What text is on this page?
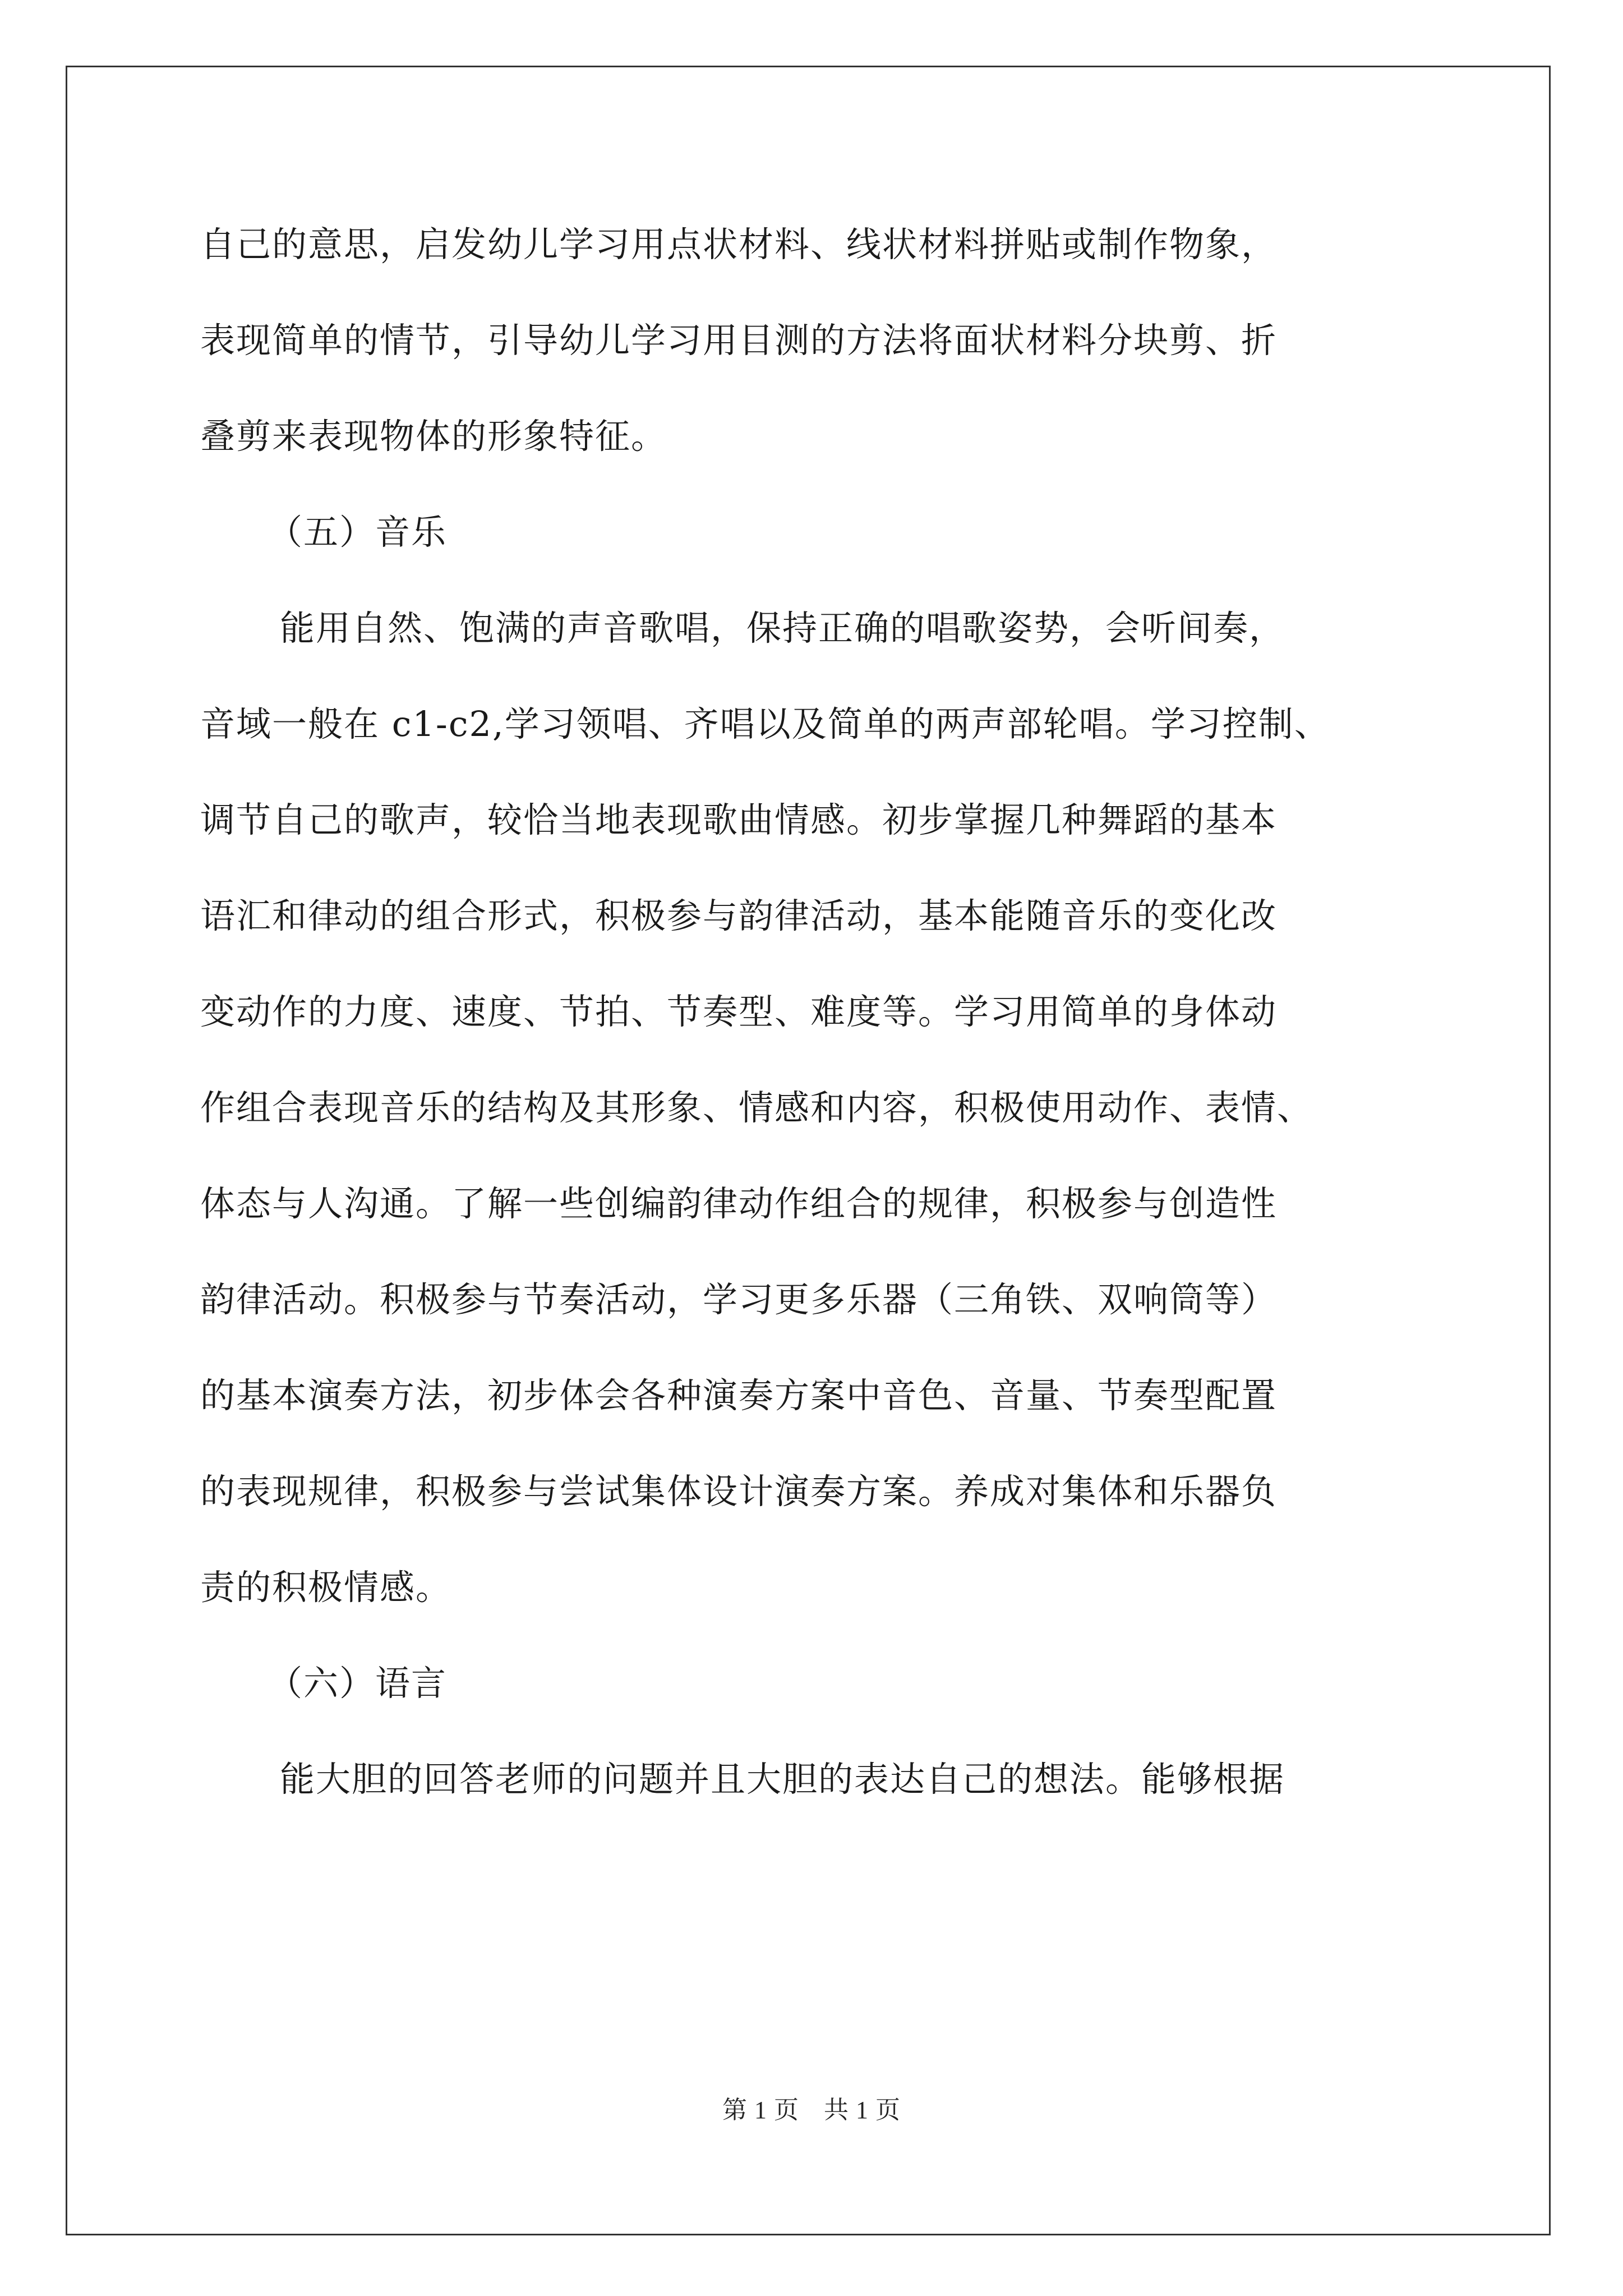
自己的意思，启发幼儿学习用点状材料、线状材料拼贴或制作物象，
表现简单的情节，引导幼儿学习用目测的方法将面状材料分块剪、折
叠剪来表现物体的形象特征。
（五）音乐
能用自然、饱满的声音歌唱，保持正确的唱歌姿势，会听间奏，
音域一般在 c1-c2,学习领唱、齐唱以及简单的两声部轮唱。学习控制、
调节自己的歌声，较恰当地表现歌曲情感。初步掌握几种舞蹈的基本
语汇和律动的组合形式，积极参与韵律活动，基本能随音乐的变化改
变动作的力度、速度、节拍、节奏型、难度等。学习用简单的身体动
作组合表现音乐的结构及其形象、情感和内容，积极使用动作、表情、
体态与人沟通。了解一些创编韵律动作组合的规律，积极参与创造性
韵律活动。积极参与节奏活动，学习更多乐器（三角铁、双响筒等）
的基本演奏方法，初步体会各种演奏方案中音色、音量、节奏型配置
的表现规律，积极参与尝试集体设计演奏方案。养成对集体和乐器负
责的积极情感。
（六）语言
能大胆的回答老师的问题并且大胆的表达自己的想法。能够根据
第 1 页 共 1 页
